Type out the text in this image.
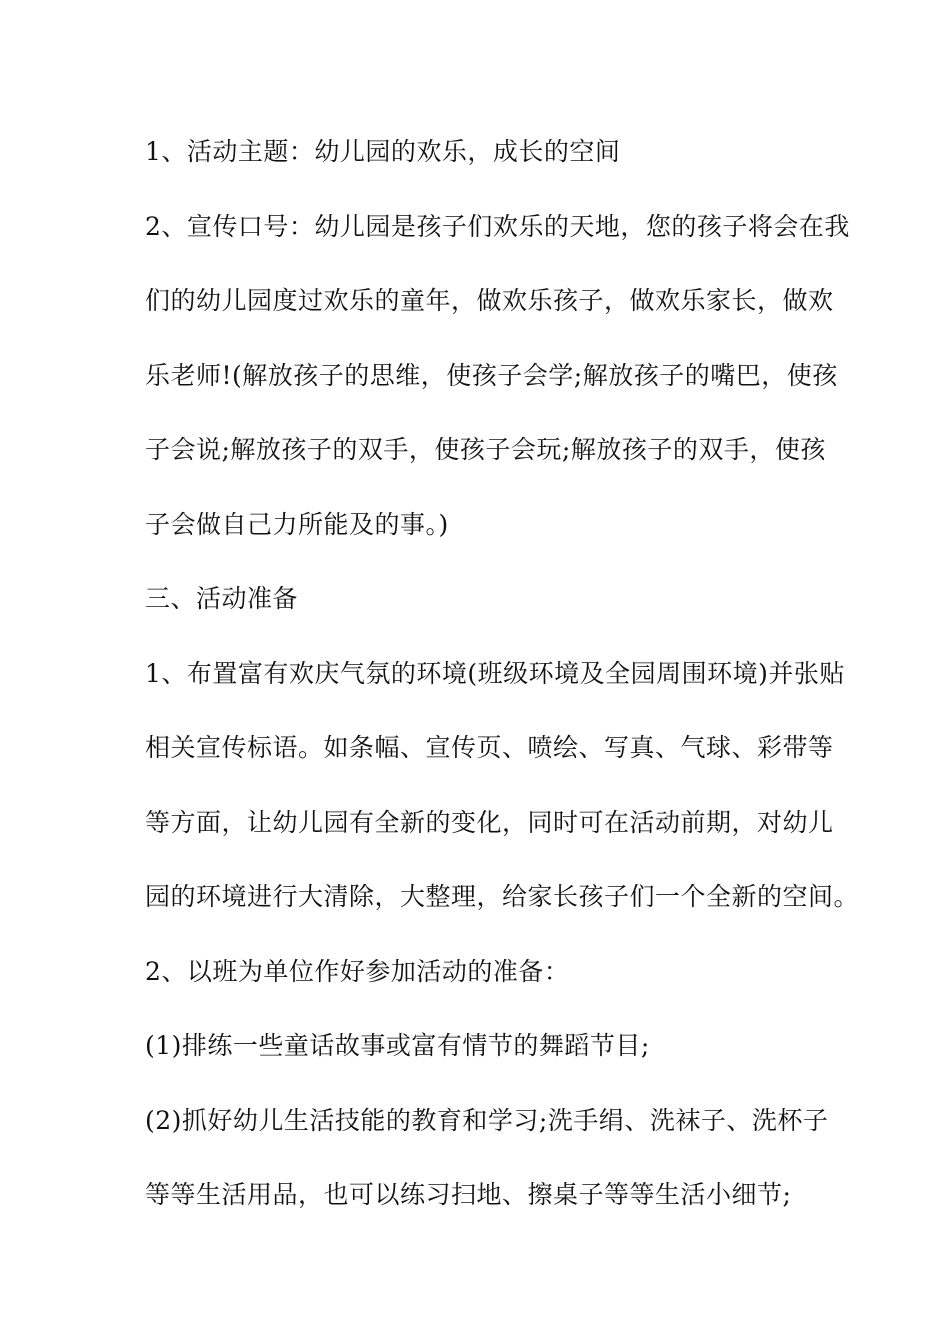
1、活动主题：幼儿园的欢乐，成长的空间
2、宣传口号：幼儿园是孩子们欢乐的天地，您的孩子将会在我
们的幼儿园度过欢乐的童年，做欢乐孩子，做欢乐家长，做欢
乐老师!(解放孩子的思维，使孩子会学;解放孩子的嘴巴，使孩
子会说;解放孩子的双手，使孩子会玩;解放孩子的双手，使孩
子会做自己力所能及的事。)
三、活动准备
1、布置富有欢庆气氛的环境(班级环境及全园周围环境)并张贴
相关宣传标语。如条幅、宣传页、喷绘、写真、气球、彩带等
等方面，让幼儿园有全新的变化，同时可在活动前期，对幼儿
园的环境进行大清除，大整理，给家长孩子们一个全新的空间。
2、以班为单位作好参加活动的准备：
(1)排练一些童话故事或富有情节的舞蹈节目;
(2)抓好幼儿生活技能的教育和学习;洗手绢、洗袜子、洗杯子
等等生活用品，也可以练习扫地、擦桌子等等生活小细节;
